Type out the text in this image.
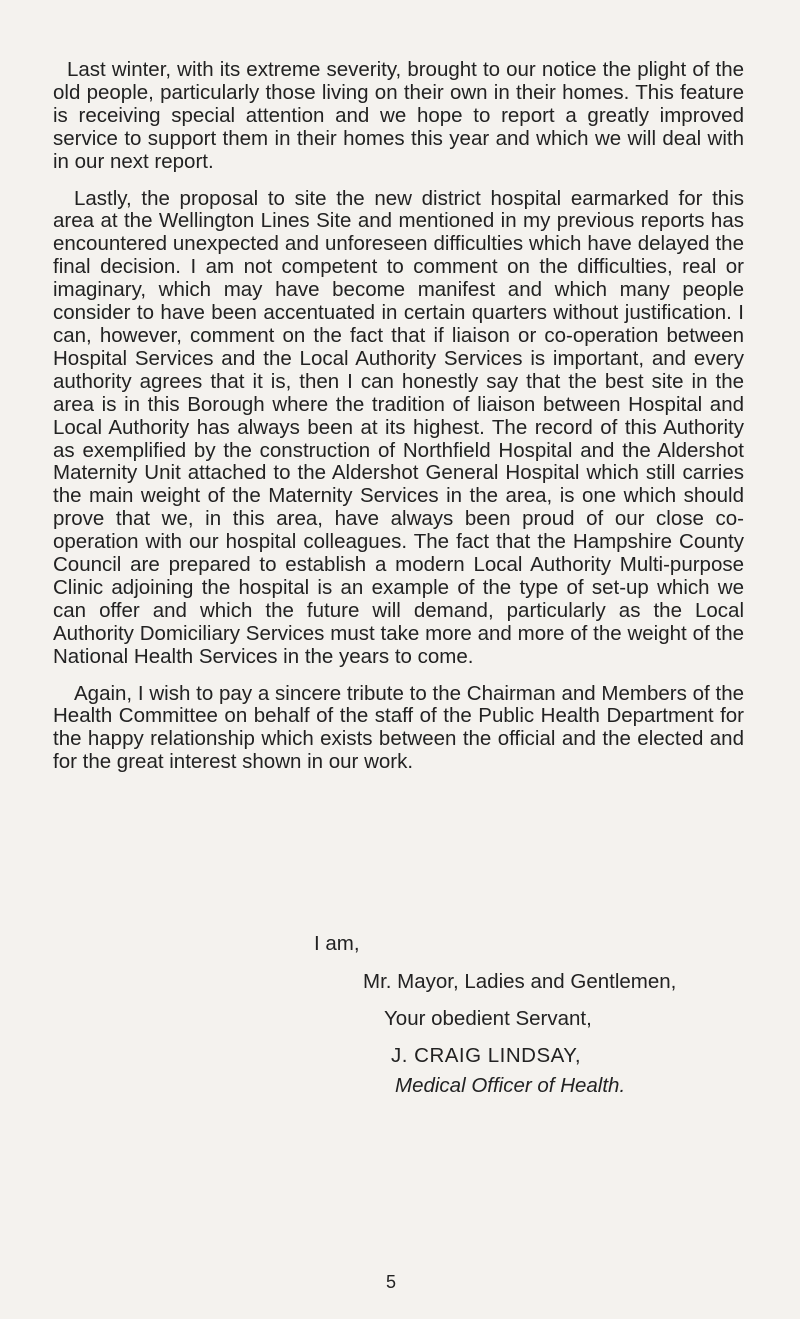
Last winter, with its extreme severity, brought to our notice the plight of the old people, particularly those living on their own in their homes. This feature is receiving special attention and we hope to report a greatly improved service to support them in their homes this year and which we will deal with in our next report.

Lastly, the proposal to site the new district hospital earmarked for this area at the Wellington Lines Site and mentioned in my previous reports has encountered unexpected and unforeseen difficulties which have delayed the final decision. I am not competent to comment on the difficulties, real or imaginary, which may have become manifest and which many people consider to have been accentuated in certain quarters without justification. I can, however, comment on the fact that if liaison or co-operation between Hospital Services and the Local Authority Services is important, and every authority agrees that it is, then I can honestly say that the best site in the area is in this Borough where the tradition of liaison between Hospital and Local Authority has always been at its highest. The record of this Authority as exemplified by the construction of Northfield Hospital and the Aldershot Maternity Unit attached to the Aldershot General Hospital which still carries the main weight of the Maternity Services in the area, is one which should prove that we, in this area, have always been proud of our close co-operation with our hospital colleagues. The fact that the Hampshire County Council are prepared to establish a modern Local Authority Multi-purpose Clinic adjoining the hospital is an example of the type of set-up which we can offer and which the future will demand, particularly as the Local Authority Domiciliary Services must take more and more of the weight of the National Health Services in the years to come.

Again, I wish to pay a sincere tribute to the Chairman and Members of the Health Committee on behalf of the staff of the Public Health Department for the happy relationship which exists between the official and the elected and for the great interest shown in our work.

I am,
Mr. Mayor, Ladies and Gentlemen,
Your obedient Servant,
J. CRAIG LINDSAY,
Medical Officer of Health.
5
